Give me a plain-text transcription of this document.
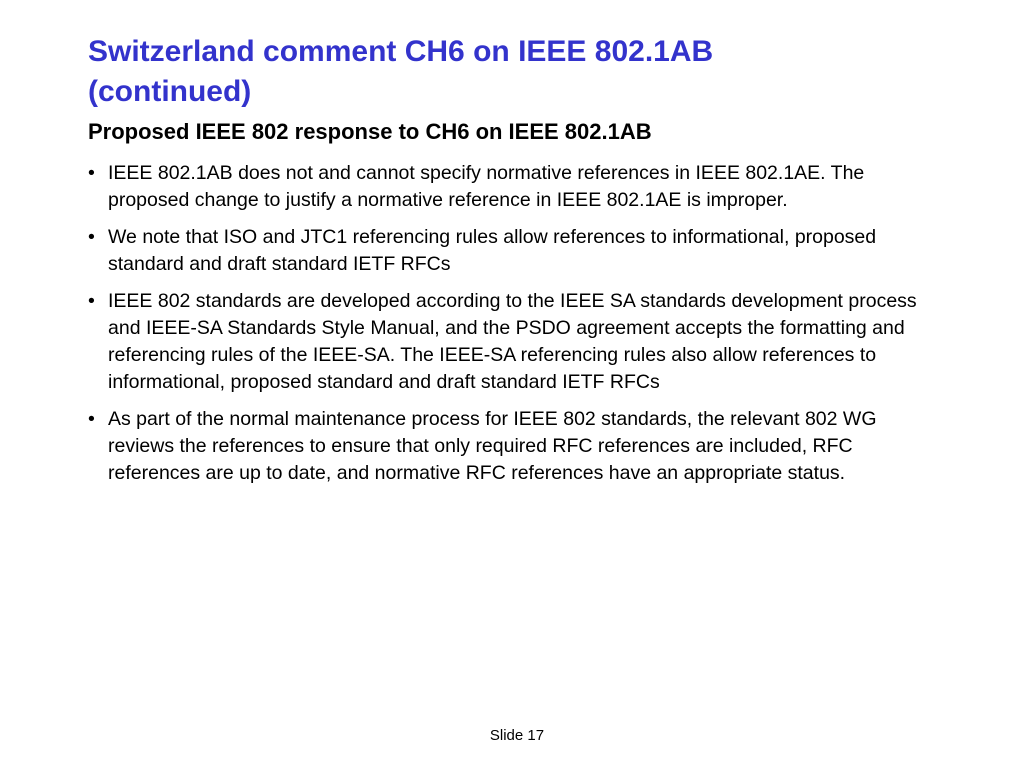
Switzerland comment CH6 on IEEE 802.1AB
(continued)
Proposed IEEE 802 response to CH6 on IEEE 802.1AB
• IEEE 802.1AB does not and cannot specify normative references in IEEE 802.1AE. The proposed change to justify a normative reference in IEEE 802.1AE is improper.
• We note that ISO and JTC1 referencing rules allow references to informational, proposed standard and draft standard IETF RFCs
• IEEE 802 standards are developed according to the IEEE SA standards development process and IEEE-SA Standards Style Manual, and the PSDO agreement accepts the formatting and referencing rules of the IEEE-SA. The IEEE-SA referencing rules also allow references to informational, proposed standard and draft standard IETF RFCs
• As part of the normal maintenance process for IEEE 802 standards, the relevant 802 WG reviews the references to ensure that only required RFC references are included, RFC references are up to date, and normative RFC references have an appropriate status.
Slide 17
